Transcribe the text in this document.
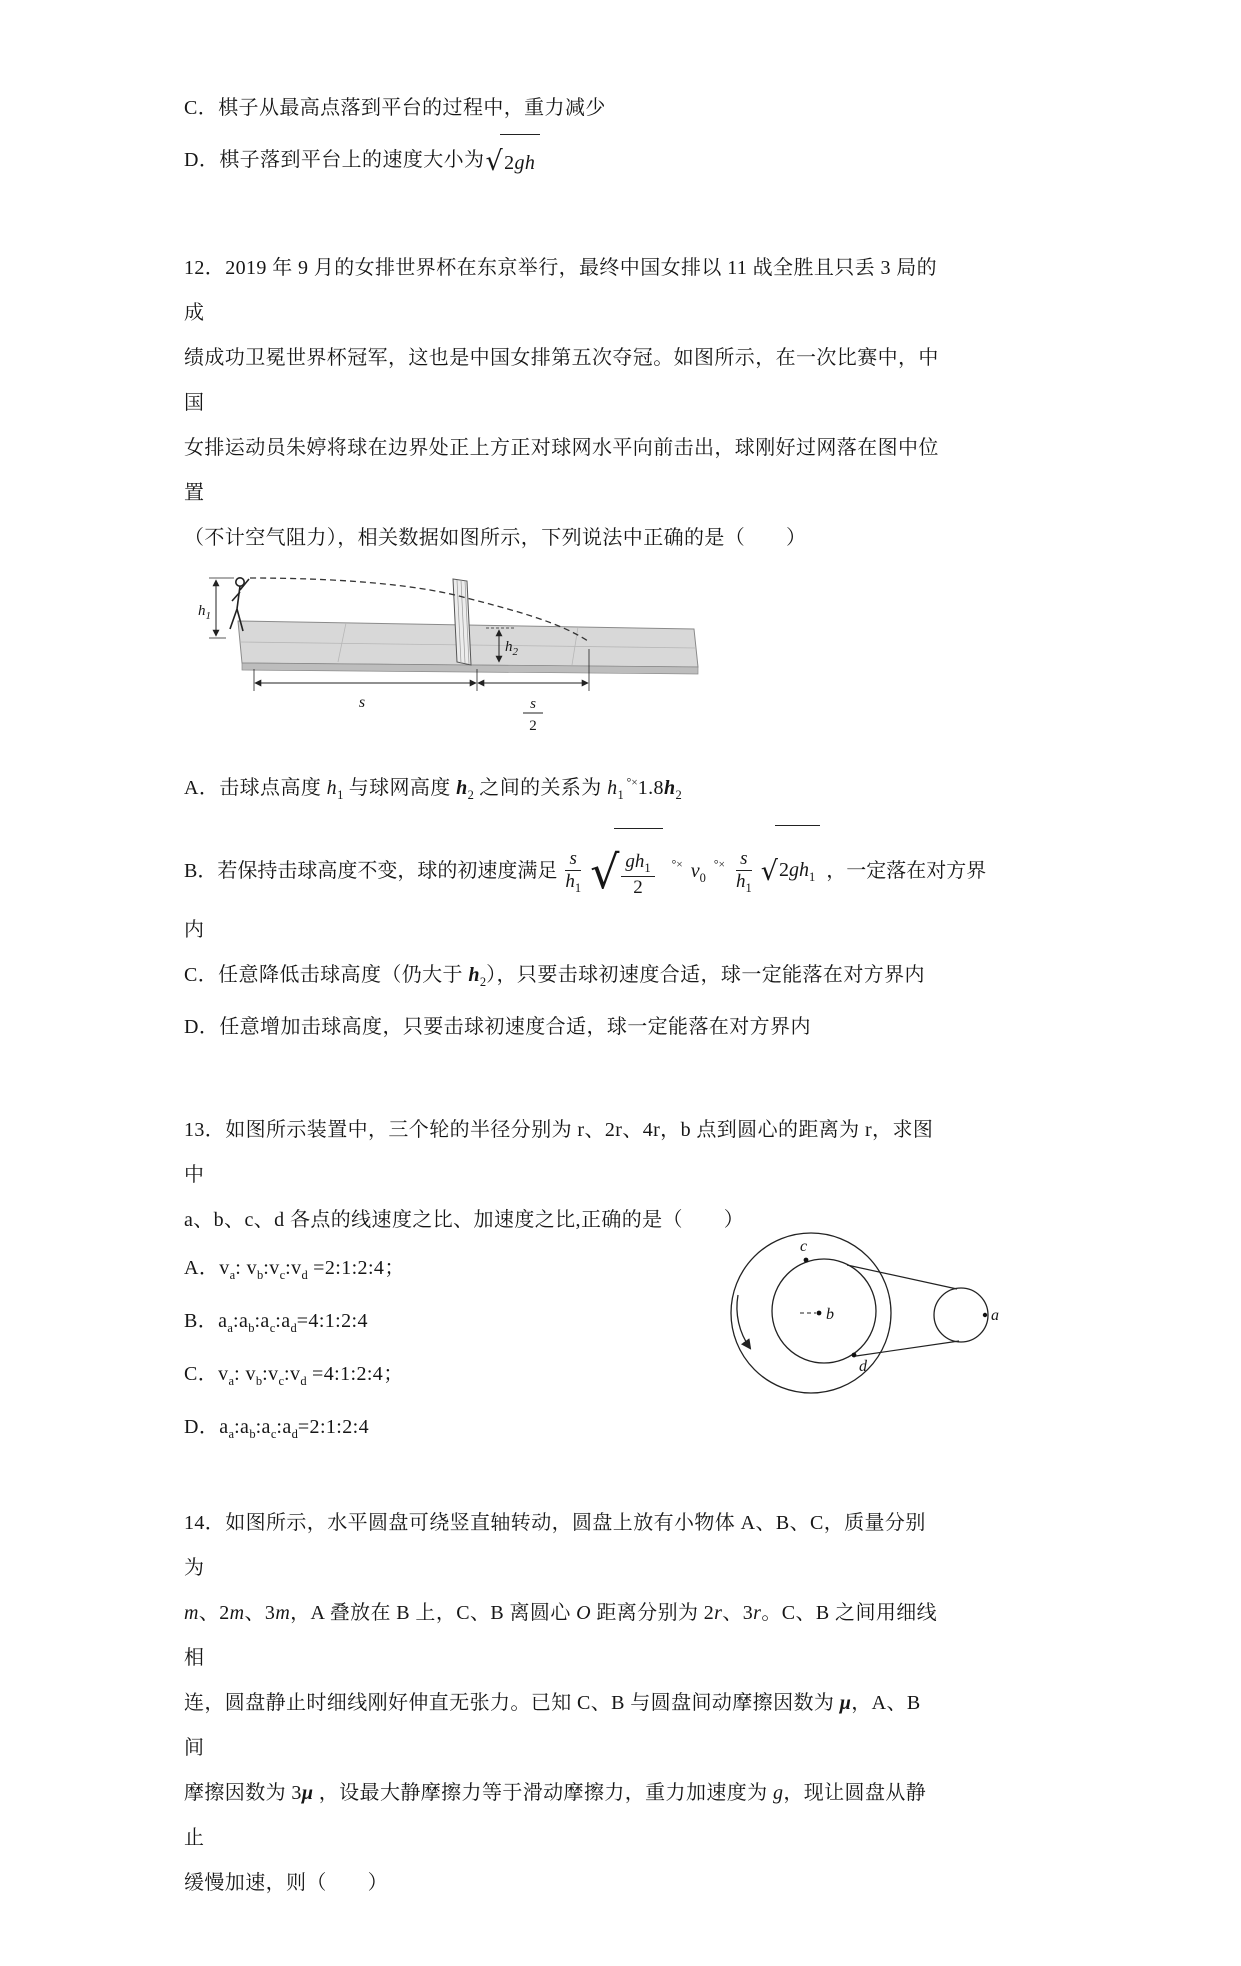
C．棋子从最高点落到平台的过程中，重力减少
D．棋子落到平台上的速度大小为√2gh
12．2019 年 9 月的女排世界杯在东京举行，最终中国女排以 11 战全胜且只丢 3 局的成
绩成功卫冕世界杯冠军，这也是中国女排第五次夺冠。如图所示，在一次比赛中，中国
女排运动员朱婷将球在边界处正上方正对球网水平向前击出，球刚好过网落在图中位置
（不计空气阻力），相关数据如图所示，下列说法中正确的是（　　）
$h_1$
$h_2$
s	s
2
A．击球点高度 $h_1$ 与球网高度 $h_2$ 之间的关系为 $h_1$ $^{^\circ\times}1.8h_2$
B．若保持击球高度不变，球的初速度满足 $\frac{s}{h_1}$ √ $\frac{gh_1}{2} ^{^\circ\times}$ $v_0$ $^{^\circ\times} \frac{s}{h_1} √2gh_1$ ，一定落在对方界
内
C．任意降低击球高度（仍大于 $h_2$），只要击球初速度合适，球一定能落在对方界内
D．任意增加击球高度，只要击球初速度合适，球一定能落在对方界内
13．如图所示装置中，三个轮的半径分别为 r、2r、4r，b 点到圆心的距离为 r，求图中
a、b、c、d 各点的线速度之比、加速度之比,正确的是（　　）
A．$v_a$: $v_b:v_c:v_d$ =2:1:2:4；
B．$a_a:a_b:a_c:a_d=4:1:2:4$
C．$v_a$: $v_b:v_c:v_d$ =4:1:2:4；
D．$a_a:a_b:a_c:a_d=2:1:2:4$
c
b
d
a
14．如图所示，水平圆盘可绕竖直轴转动，圆盘上放有小物体 A、B、C，质量分别为
m、2m、3m，A 叠放在 B 上，C、B 离圆心 O 距离分别为 2r、3r。C、B 之间用细线相
连，圆盘静止时细线刚好伸直无张力。已知 C、B 与圆盘间动摩擦因数为 μ，A、B 间
摩擦因数为 3μ ，设最大静摩擦力等于滑动摩擦力，重力加速度为 g，现让圆盘从静止
缓慢加速，则（　　）
